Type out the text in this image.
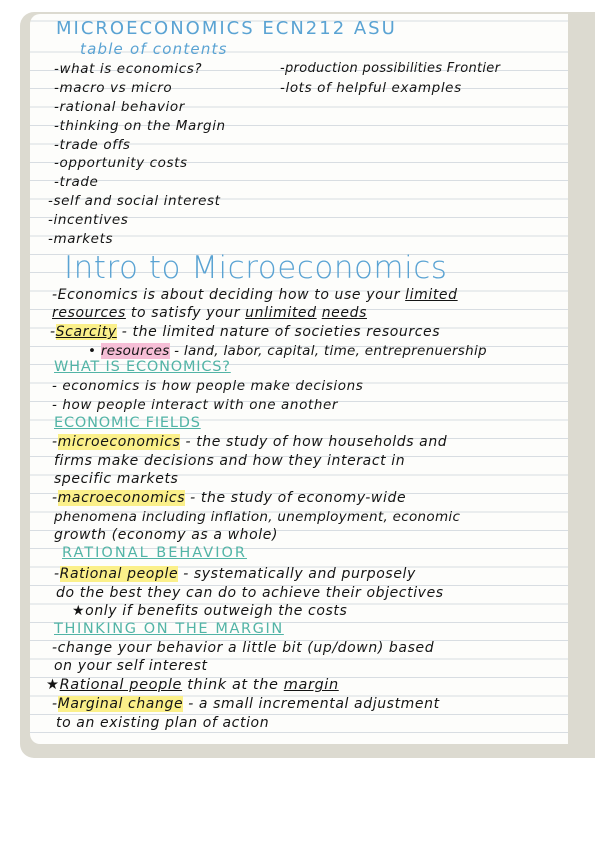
MICROECONOMICS ECN212 ASU
table of contents
-what is economics?
-macro vs micro
-rational behavior
-thinking on the Margin
-trade offs
-opportunity costs
-trade
-self and social interest
-incentives
-markets
-production possibilities Frontier
-lots of helpful examples
Intro to Microeconomics
-Economics is about deciding how to use your limited
resources to satisfy your unlimited needs
-Scarcity - the limited nature of societies resources
• resources - land, labor, capital, time, entreprenuership
WHAT IS ECONOMICS?
- economics is how people make decisions
- how people interact with one another
ECONOMIC FIELDS
-microeconomics - the study of how households and
firms make decisions and how they interact in
specific markets
-macroeconomics - the study of economy-wide
phenomena including inflation, unemployment, economic
growth (economy as a whole)
RATIONAL BEHAVIOR
-Rational people - systematically and purposely
do the best they can do to achieve their objectives
★only if benefits outweigh the costs
THINKING ON THE MARGIN
-change your behavior a little bit (up/down) based
on your self interest
★Rational people think at the margin
-Marginal change - a small incremental adjustment
to an existing plan of action
